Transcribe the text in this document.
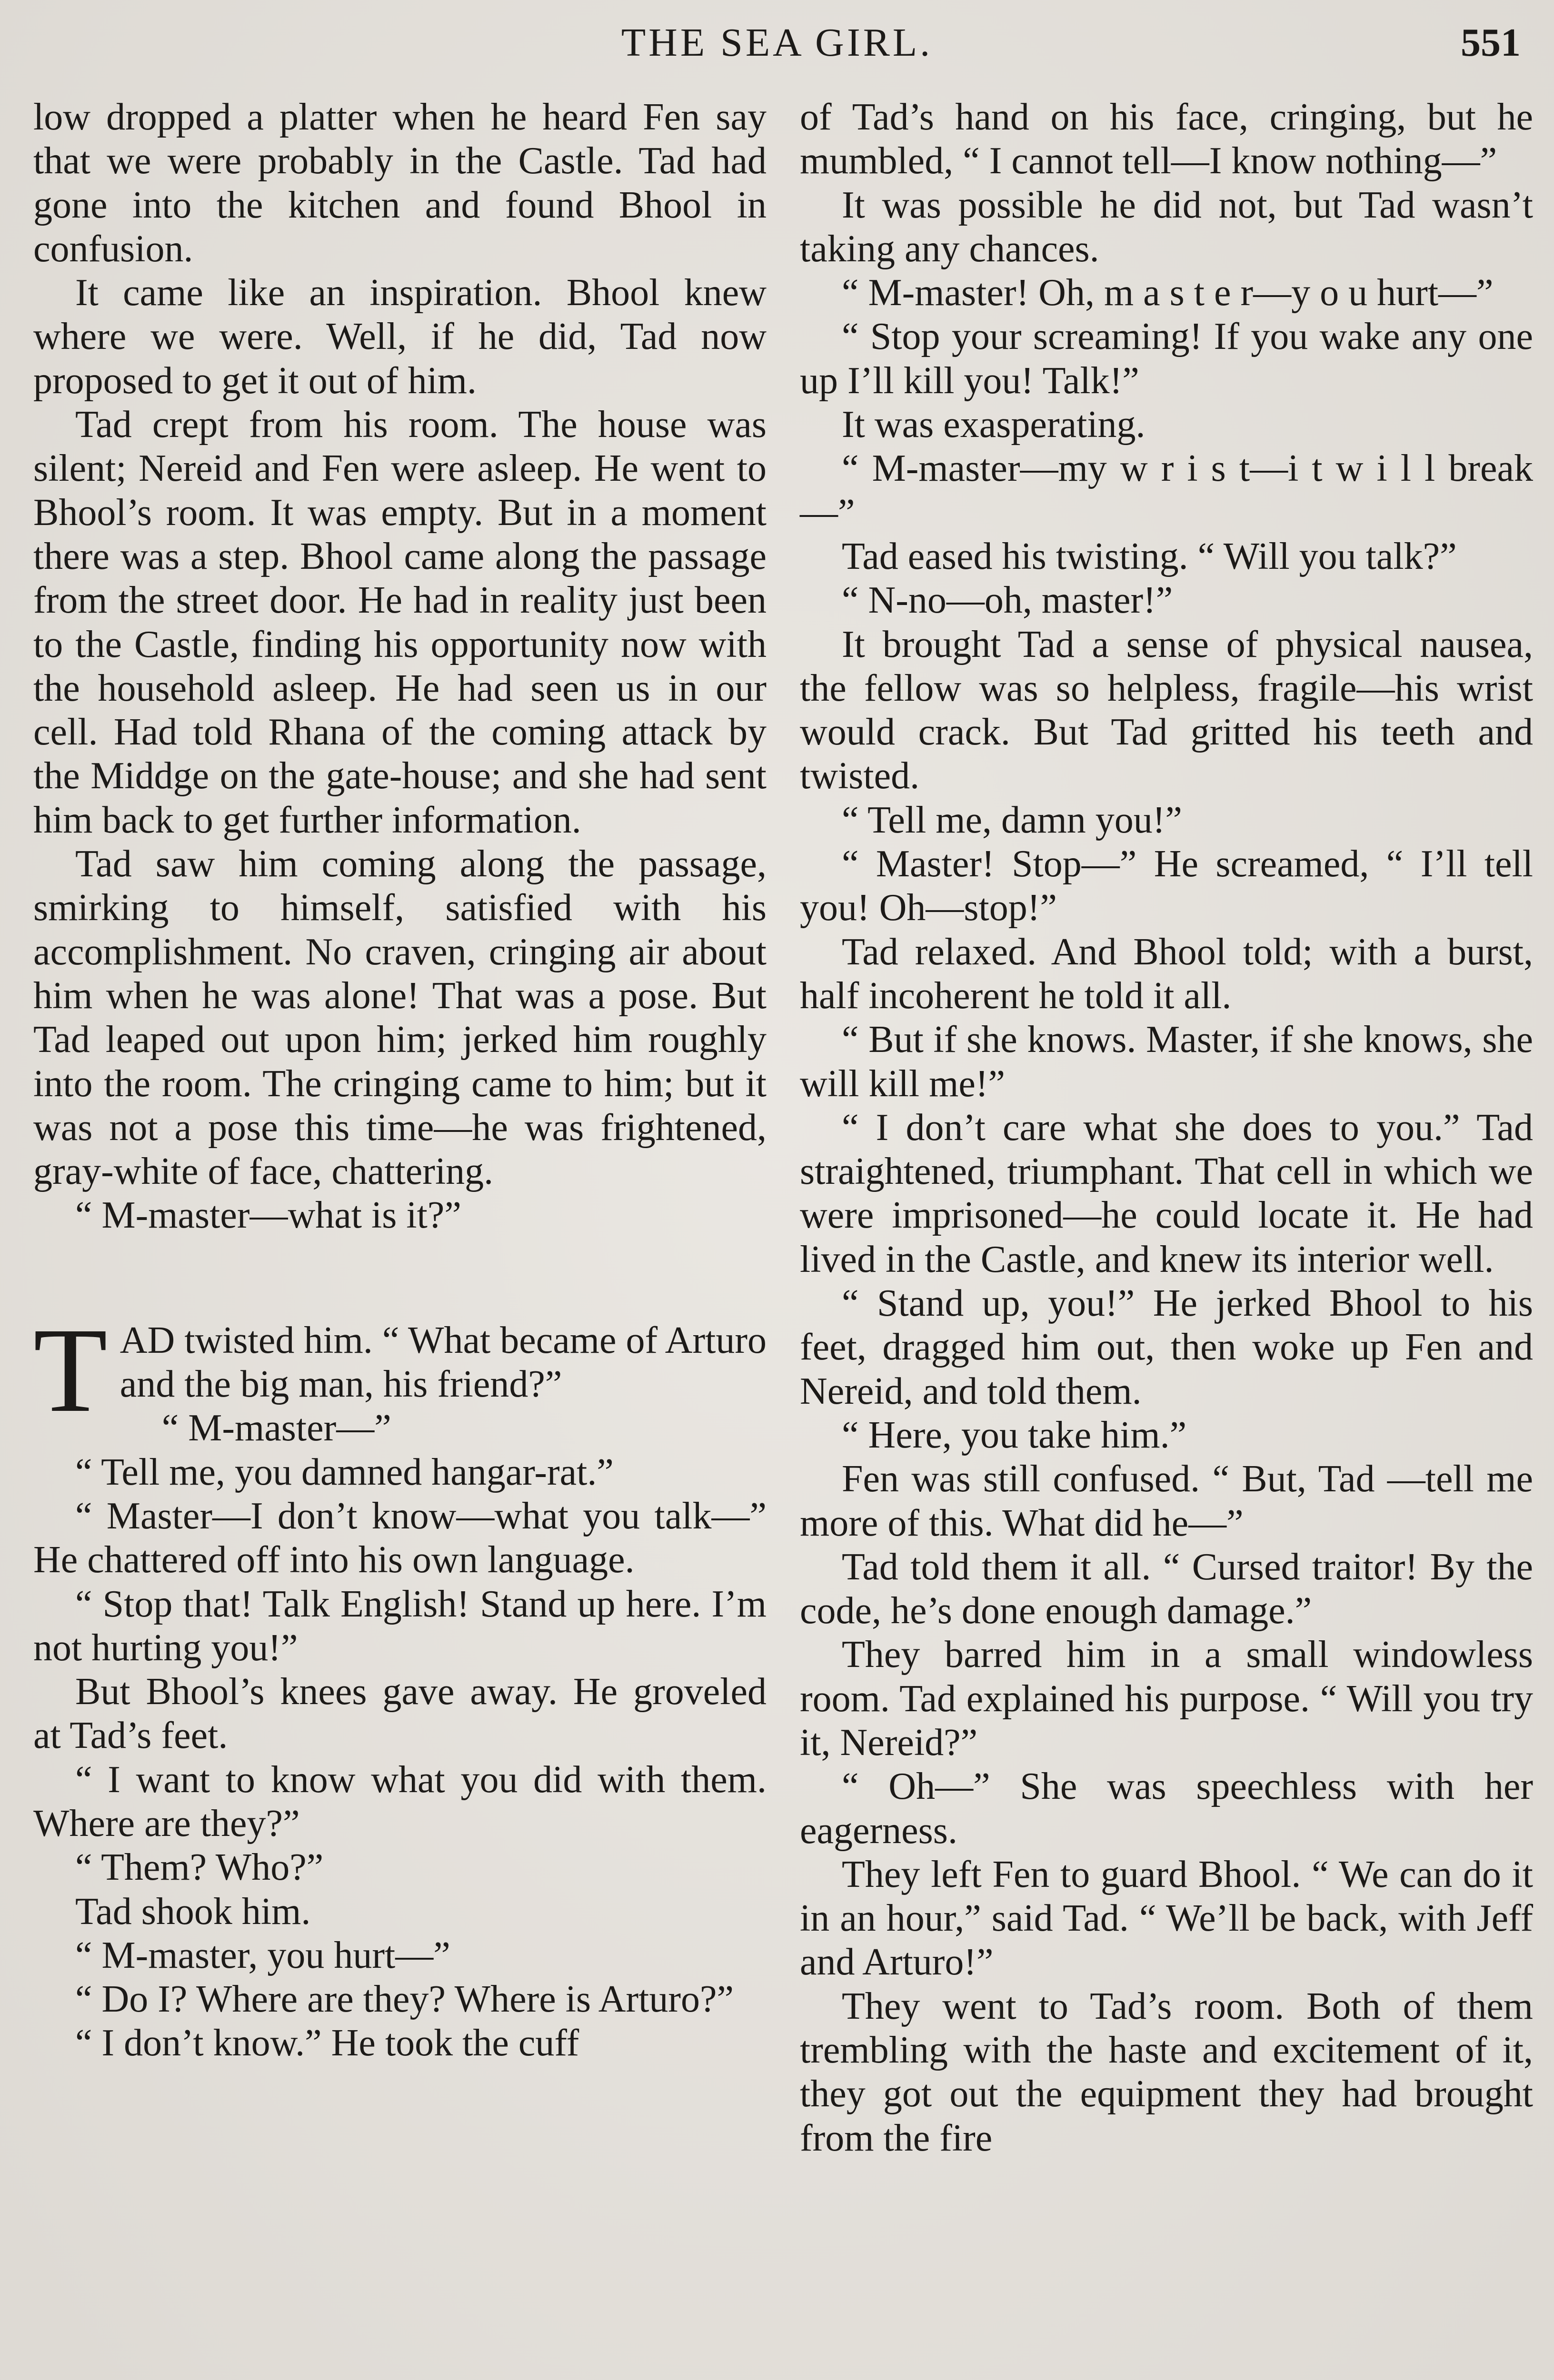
THE SEA GIRL.	551

low dropped a platter when he heard Fen say that we were probably in the Castle. Tad had gone into the kitchen and found Bhool in confusion.

It came like an inspiration. Bhool knew where we were. Well, if he did, Tad now proposed to get it out of him.

Tad crept from his room. The house was silent; Nereid and Fen were asleep. He went to Bhool’s room. It was empty. But in a moment there was a step. Bhool came along the passage from the street door. He had in reality just been to the Castle, finding his opportunity now with the household asleep. He had seen us in our cell. Had told Rhana of the coming attack by the Middge on the gate-house; and she had sent him back to get further information.

Tad saw him coming along the passage, smirking to himself, satisfied with his accomplishment. No craven, cringing air about him when he was alone! That was a pose. But Tad leaped out upon him; jerked him roughly into the room. The cringing came to him; but it was not a pose this time—he was frightened, gray-white of face, chattering.

“ M-master—what is it?”

TAD twisted him. “ What became of Arturo and the big man, his friend?”

“ M-master—”

“ Tell me, you damned hangar-rat.”

“ Master—I don’t know—what you talk—” He chattered off into his own language.

“ Stop that! Talk English! Stand up here. I’m not hurting you!”

But Bhool’s knees gave away. He groveled at Tad’s feet.

“ I want to know what you did with them. Where are they?”

“ Them? Who?”

Tad shook him.

“ M-master, you hurt—”

“ Do I? Where are they? Where is Arturo?”

“ I don’t know.” He took the cuff

of Tad’s hand on his face, cringing, but he mumbled, “ I cannot tell—I know nothing—”

It was possible he did not, but Tad wasn’t taking any chances.

“ M-master! Oh, m a s t e r—y o u hurt—”

“ Stop your screaming! If you wake any one up I’ll kill you! Talk!”

It was exasperating.

“ M-master—my w r i s t—i t w i l l break—”

Tad eased his twisting. “ Will you talk?”

“ N-no—oh, master!”

It brought Tad a sense of physical nausea, the fellow was so helpless, fragile—his wrist would crack. But Tad gritted his teeth and twisted.

“ Tell me, damn you!”

“ Master! Stop—” He screamed, “ I’ll tell you! Oh—stop!”

Tad relaxed. And Bhool told; with a burst, half incoherent he told it all.

“ But if she knows. Master, if she knows, she will kill me!”

“ I don’t care what she does to you.” Tad straightened, triumphant. That cell in which we were imprisoned—he could locate it. He had lived in the Castle, and knew its interior well.

“ Stand up, you!” He jerked Bhool to his feet, dragged him out, then woke up Fen and Nereid, and told them.

“ Here, you take him.”

Fen was still confused. “ But, Tad —tell me more of this. What did he—”

Tad told them it all. “ Cursed traitor! By the code, he’s done enough damage.”

They barred him in a small windowless room. Tad explained his purpose. “ Will you try it, Nereid?”

“ Oh—” She was speechless with her eagerness.

They left Fen to guard Bhool. “ We can do it in an hour,” said Tad. “ We’ll be back, with Jeff and Arturo!”

They went to Tad’s room. Both of them trembling with the haste and excitement of it, they got out the equipment they had brought from the fire
